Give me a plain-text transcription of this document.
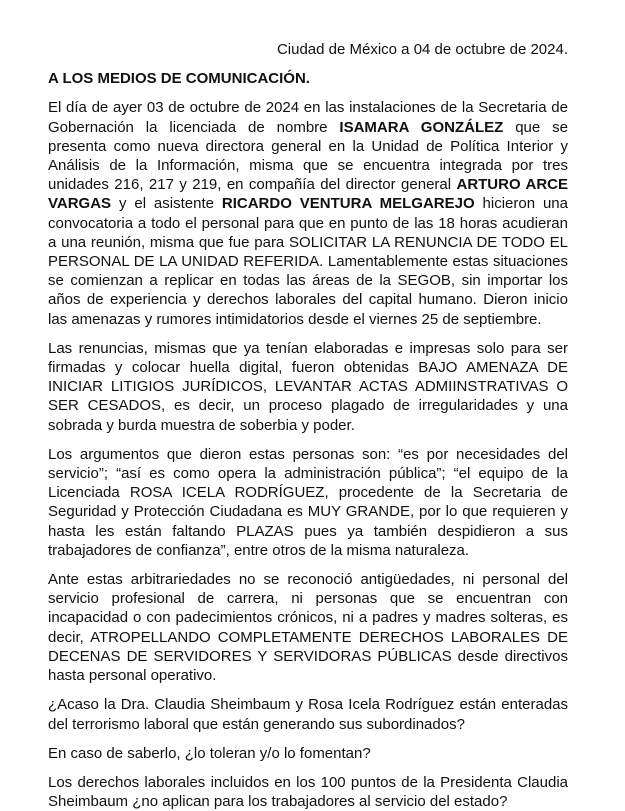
Ciudad de México a 04 de octubre de 2024.

A LOS MEDIOS DE COMUNICACIÓN.

El día de ayer 03 de octubre de 2024 en las instalaciones de la Secretaria de Gobernación la licenciada de nombre ISAMARA GONZÁLEZ que se presenta como nueva directora general en la Unidad de Política Interior y Análisis de la Información, misma que se encuentra integrada por tres unidades 216, 217 y 219, en compañía del director general ARTURO ARCE VARGAS y el asistente RICARDO VENTURA MELGAREJO hicieron una convocatoria a todo el personal para que en punto de las 18 horas acudieran a una reunión, misma que fue para SOLICITAR LA RENUNCIA DE TODO EL PERSONAL DE LA UNIDAD REFERIDA. Lamentablemente estas situaciones se comienzan a replicar en todas las áreas de la SEGOB, sin importar los años de experiencia y derechos laborales del capital humano. Dieron inicio las amenazas y rumores intimidatorios desde el viernes 25 de septiembre.

Las renuncias, mismas que ya tenían elaboradas e impresas solo para ser firmadas y colocar huella digital, fueron obtenidas BAJO AMENAZA DE INICIAR LITIGIOS JURÍDICOS, LEVANTAR ACTAS ADMIINSTRATIVAS O SER CESADOS, es decir, un proceso plagado de irregularidades y una sobrada y burda muestra de soberbia y poder.

Los argumentos que dieron estas personas son: “es por necesidades del servicio”; “así es como opera la administración pública”; “el equipo de la Licenciada ROSA ICELA RODRÍGUEZ, procedente de la Secretaria de Seguridad y Protección Ciudadana es MUY GRANDE, por lo que requieren y hasta les están faltando PLAZAS pues ya también despidieron a sus trabajadores de confianza”, entre otros de la misma naturaleza.

Ante estas arbitrariedades no se reconoció antigüedades, ni personal del servicio profesional de carrera, ni personas que se encuentran con incapacidad o con padecimientos crónicos, ni a padres y madres solteras, es decir, ATROPELLANDO COMPLETAMENTE DERECHOS LABORALES DE DECENAS DE SERVIDORES Y SERVIDORAS PÚBLICAS desde directivos hasta personal operativo.

¿Acaso la Dra. Claudia Sheimbaum y Rosa Icela Rodríguez están enteradas del terrorismo laboral que están generando sus subordinados?

En caso de saberlo, ¿lo toleran y/o lo fomentan?

Los derechos laborales incluidos en los 100 puntos de la Presidenta Claudia Sheimbaum ¿no aplican para los trabajadores al servicio del estado?
